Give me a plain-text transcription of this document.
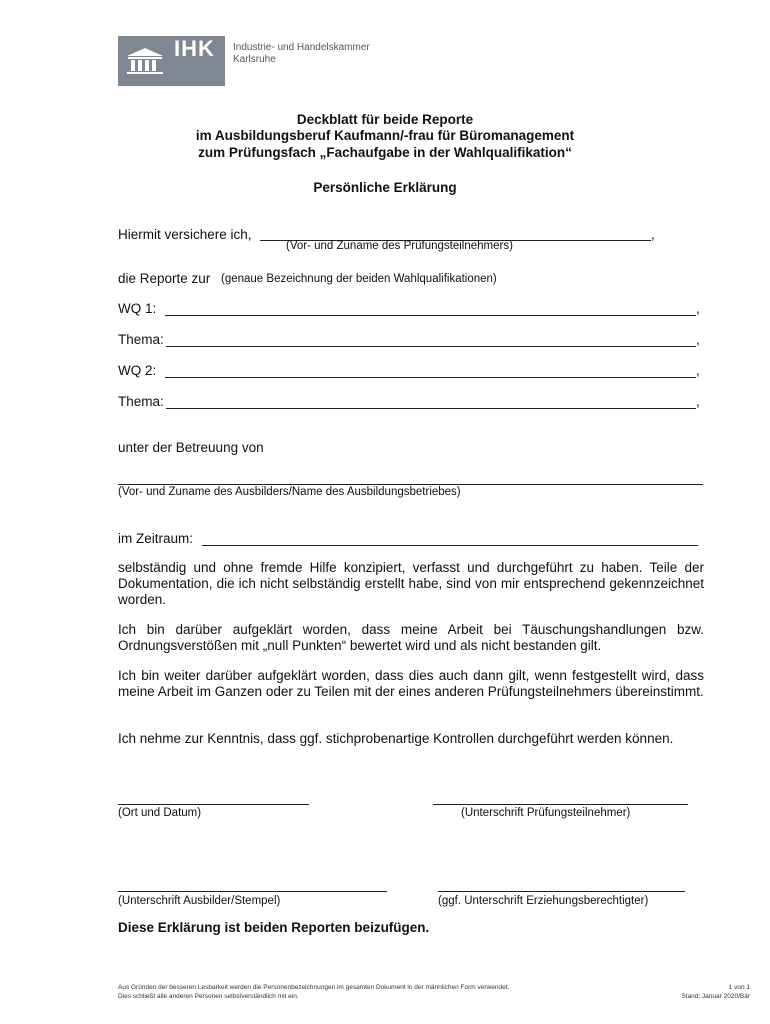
IHK	Industrie- und Handelskammer
Karlsruhe
Deckblatt für beide Reporte
im Ausbildungsberuf Kaufmann/-frau für Büromanagement
zum Prüfungsfach „Fachaufgabe in der Wahlqualifikation“
Persönliche Erklärung
Hiermit versichere ich,	,
(Vor- und Zuname des Prüfungsteilnehmers)
die Reporte zur (genaue Bezeichnung der beiden Wahlqualifikationen)
WQ 1:	,
Thema:	,
WQ 2:	,
Thema:	,
unter der Betreuung von
(Vor- und Zuname des Ausbilders/Name des Ausbildungsbetriebes)
im Zeitraum:
selbständig und ohne fremde Hilfe konzipiert, verfasst und durchgeführt zu haben. Teile der Dokumentation, die ich nicht selbständig erstellt habe, sind von mir entsprechend gekennzeichnet worden.
Ich bin darüber aufgeklärt worden, dass meine Arbeit bei Täuschungshandlungen bzw. Ordnungsverstößen mit „null Punkten“ bewertet wird und als nicht bestanden gilt.
Ich bin weiter darüber aufgeklärt worden, dass dies auch dann gilt, wenn festgestellt wird, dass meine Arbeit im Ganzen oder zu Teilen mit der eines anderen Prüfungsteilnehmers übereinstimmt.
Ich nehme zur Kenntnis, dass ggf. stichprobenartige Kontrollen durchgeführt werden können.
(Ort und Datum)	(Unterschrift Prüfungsteilnehmer)
(Unterschrift Ausbilder/Stempel)	(ggf. Unterschrift Erziehungsberechtigter)
Diese Erklärung ist beiden Reporten beizufügen.
Aus Gründen der besseren Lesbarkeit werden die Personenbezeichnungen im gesamten Dokument in der männlichen Form verwendet.
Dies schließt alle anderen Personen selbstverständlich mit ein.
1 von 1
Stand: Januar 2020/Bär
